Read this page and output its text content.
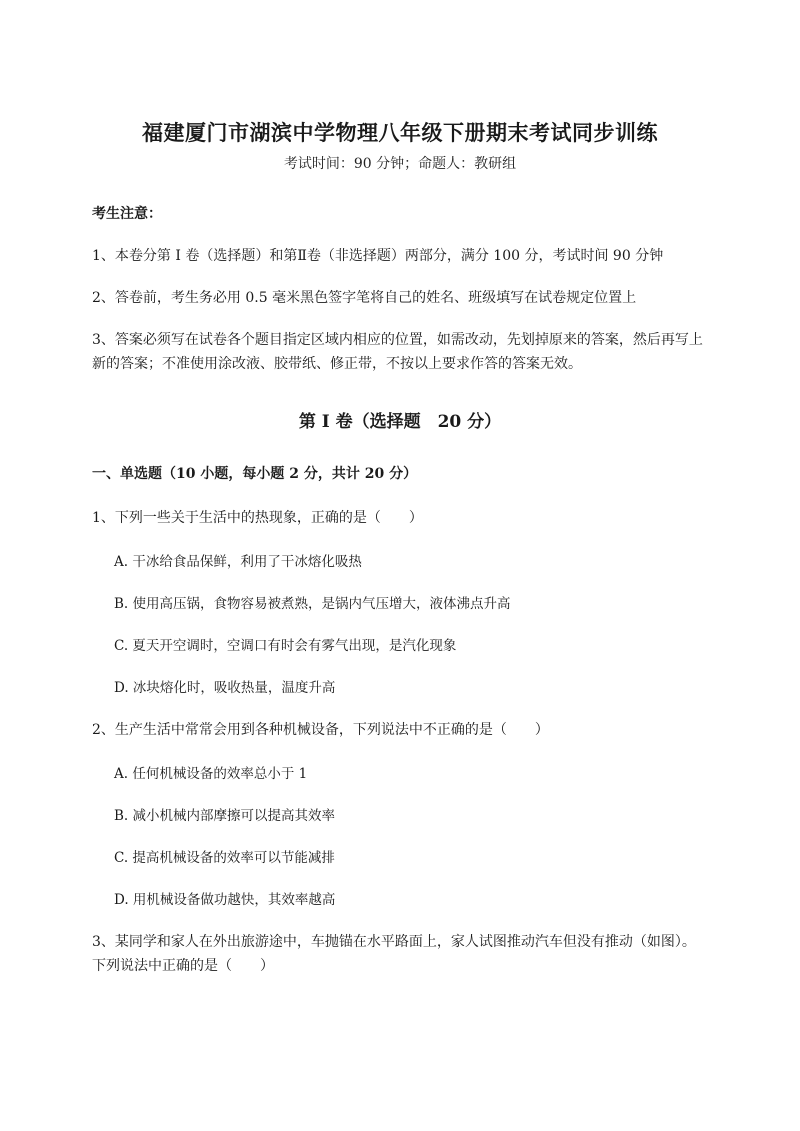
福建厦门市湖滨中学物理八年级下册期末考试同步训练
考试时间：90 分钟；命题人：教研组
考生注意：
1、本卷分第 I 卷（选择题）和第Ⅱ卷（非选择题）两部分，满分 100 分，考试时间 90 分钟
2、答卷前，考生务必用 0.5 毫米黑色签字笔将自己的姓名、班级填写在试卷规定位置上
3、答案必须写在试卷各个题目指定区域内相应的位置，如需改动，先划掉原来的答案，然后再写上新的答案；不准使用涂改液、胶带纸、修正带，不按以上要求作答的答案无效。
第 I 卷（选择题　20 分）
一、单选题（10 小题，每小题 2 分，共计 20 分）
1、下列一些关于生活中的热现象，正确的是（　　）
A. 干冰给食品保鲜，利用了干冰熔化吸热
B. 使用高压锅，食物容易被煮熟，是锅内气压增大，液体沸点升高
C. 夏天开空调时，空调口有时会有雾气出现，是汽化现象
D. 冰块熔化时，吸收热量，温度升高
2、生产生活中常常会用到各种机械设备，下列说法中不正确的是（　　）
A. 任何机械设备的效率总小于 1
B. 减小机械内部摩擦可以提高其效率
C. 提高机械设备的效率可以节能减排
D. 用机械设备做功越快，其效率越高
3、某同学和家人在外出旅游途中，车抛锚在水平路面上，家人试图推动汽车但没有推动（如图）。下列说法中正确的是（　　）
